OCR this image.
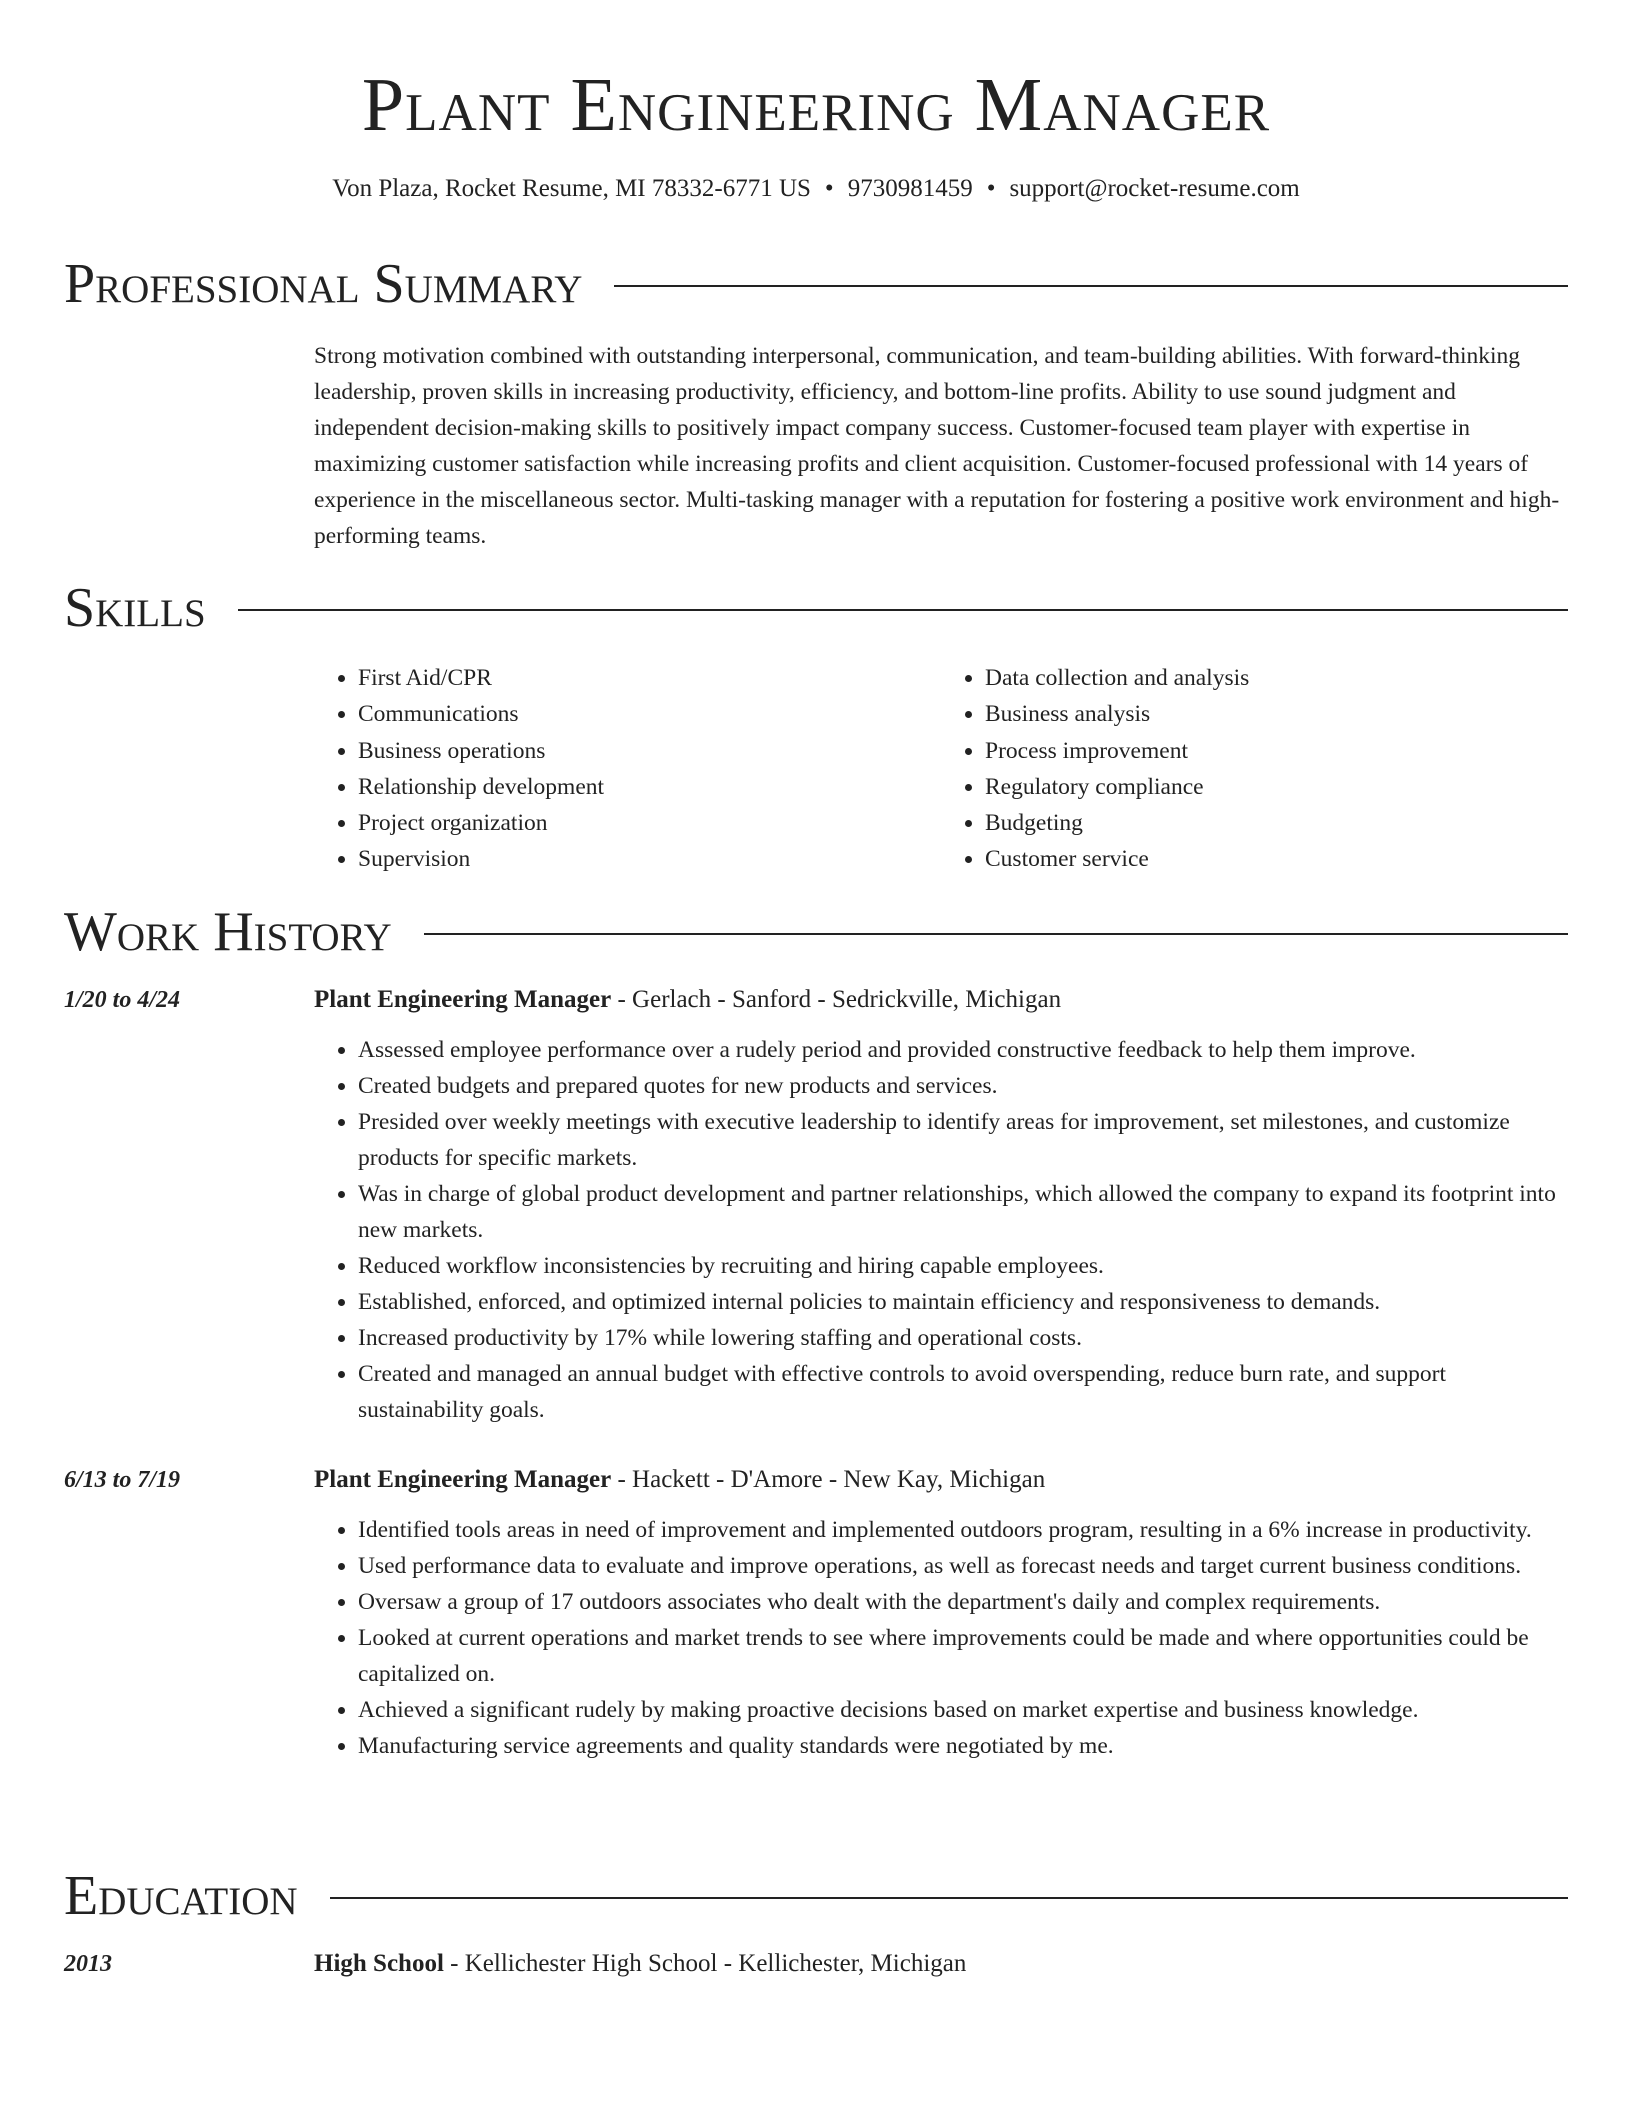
Plant Engineering Manager
Von Plaza, Rocket Resume, MI 78332-6771 US • 9730981459 • support@rocket-resume.com
Professional Summary

Strong motivation combined with outstanding interpersonal, communication, and team-building abilities. With forward-thinking leadership, proven skills in increasing productivity, efficiency, and bottom-line profits. Ability to use sound judgment and independent decision-making skills to positively impact company success. Customer-focused team player with expertise in maximizing customer satisfaction while increasing profits and client acquisition. Customer-focused professional with 14 years of experience in the miscellaneous sector. Multi-tasking manager with a reputation for fostering a positive work environment and high-performing teams.

Skills
• First Aid/CPR
• Communications
• Business operations
• Relationship development
• Project organization
• Supervision
• Data collection and analysis
• Business analysis
• Process improvement
• Regulatory compliance
• Budgeting
• Customer service
Work History
1/20 to 4/24	Plant Engineering Manager - Gerlach - Sanford - Sedrickville, Michigan
• Assessed employee performance over a rudely period and provided constructive feedback to help them improve.
• Created budgets and prepared quotes for new products and services.
• Presided over weekly meetings with executive leadership to identify areas for improvement, set milestones, and customize products for specific markets.
• Was in charge of global product development and partner relationships, which allowed the company to expand its footprint into new markets.
• Reduced workflow inconsistencies by recruiting and hiring capable employees.
• Established, enforced, and optimized internal policies to maintain efficiency and responsiveness to demands.
• Increased productivity by 17% while lowering staffing and operational costs.
• Created and managed an annual budget with effective controls to avoid overspending, reduce burn rate, and support sustainability goals.
6/13 to 7/19	Plant Engineering Manager - Hackett - D'Amore - New Kay, Michigan
• Identified tools areas in need of improvement and implemented outdoors program, resulting in a 6% increase in productivity.
• Used performance data to evaluate and improve operations, as well as forecast needs and target current business conditions.
• Oversaw a group of 17 outdoors associates who dealt with the department's daily and complex requirements.
• Looked at current operations and market trends to see where improvements could be made and where opportunities could be capitalized on.
• Achieved a significant rudely by making proactive decisions based on market expertise and business knowledge.
• Manufacturing service agreements and quality standards were negotiated by me.
Education
2013	High School - Kellichester High School - Kellichester, Michigan
